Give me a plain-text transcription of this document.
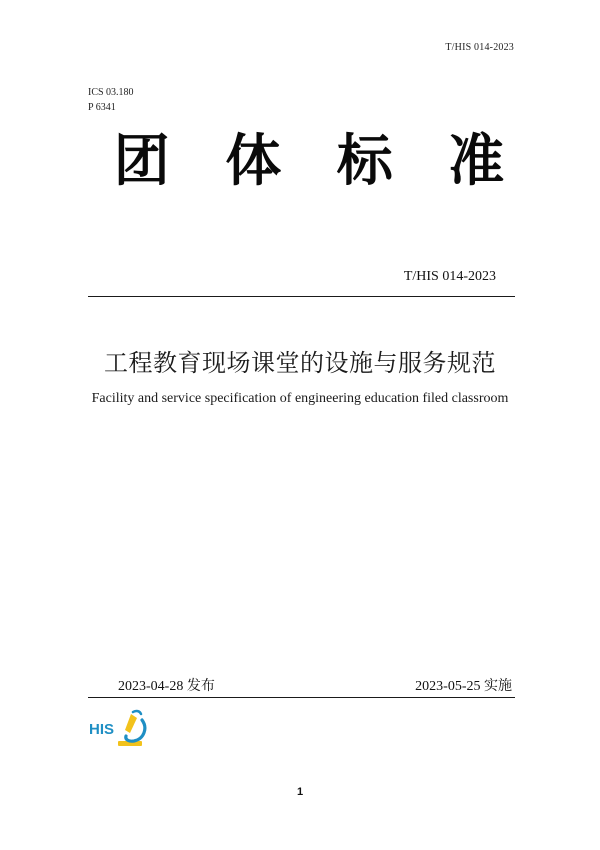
T/HIS 014-2023
ICS 03.180
P 6341
团 体 标 准
T/HIS 014-2023
工程教育现场课堂的设施与服务规范
Facility and service specification of engineering education filed classroom
2023-04-28 发布	2023-05-25 实施
HIS
1
